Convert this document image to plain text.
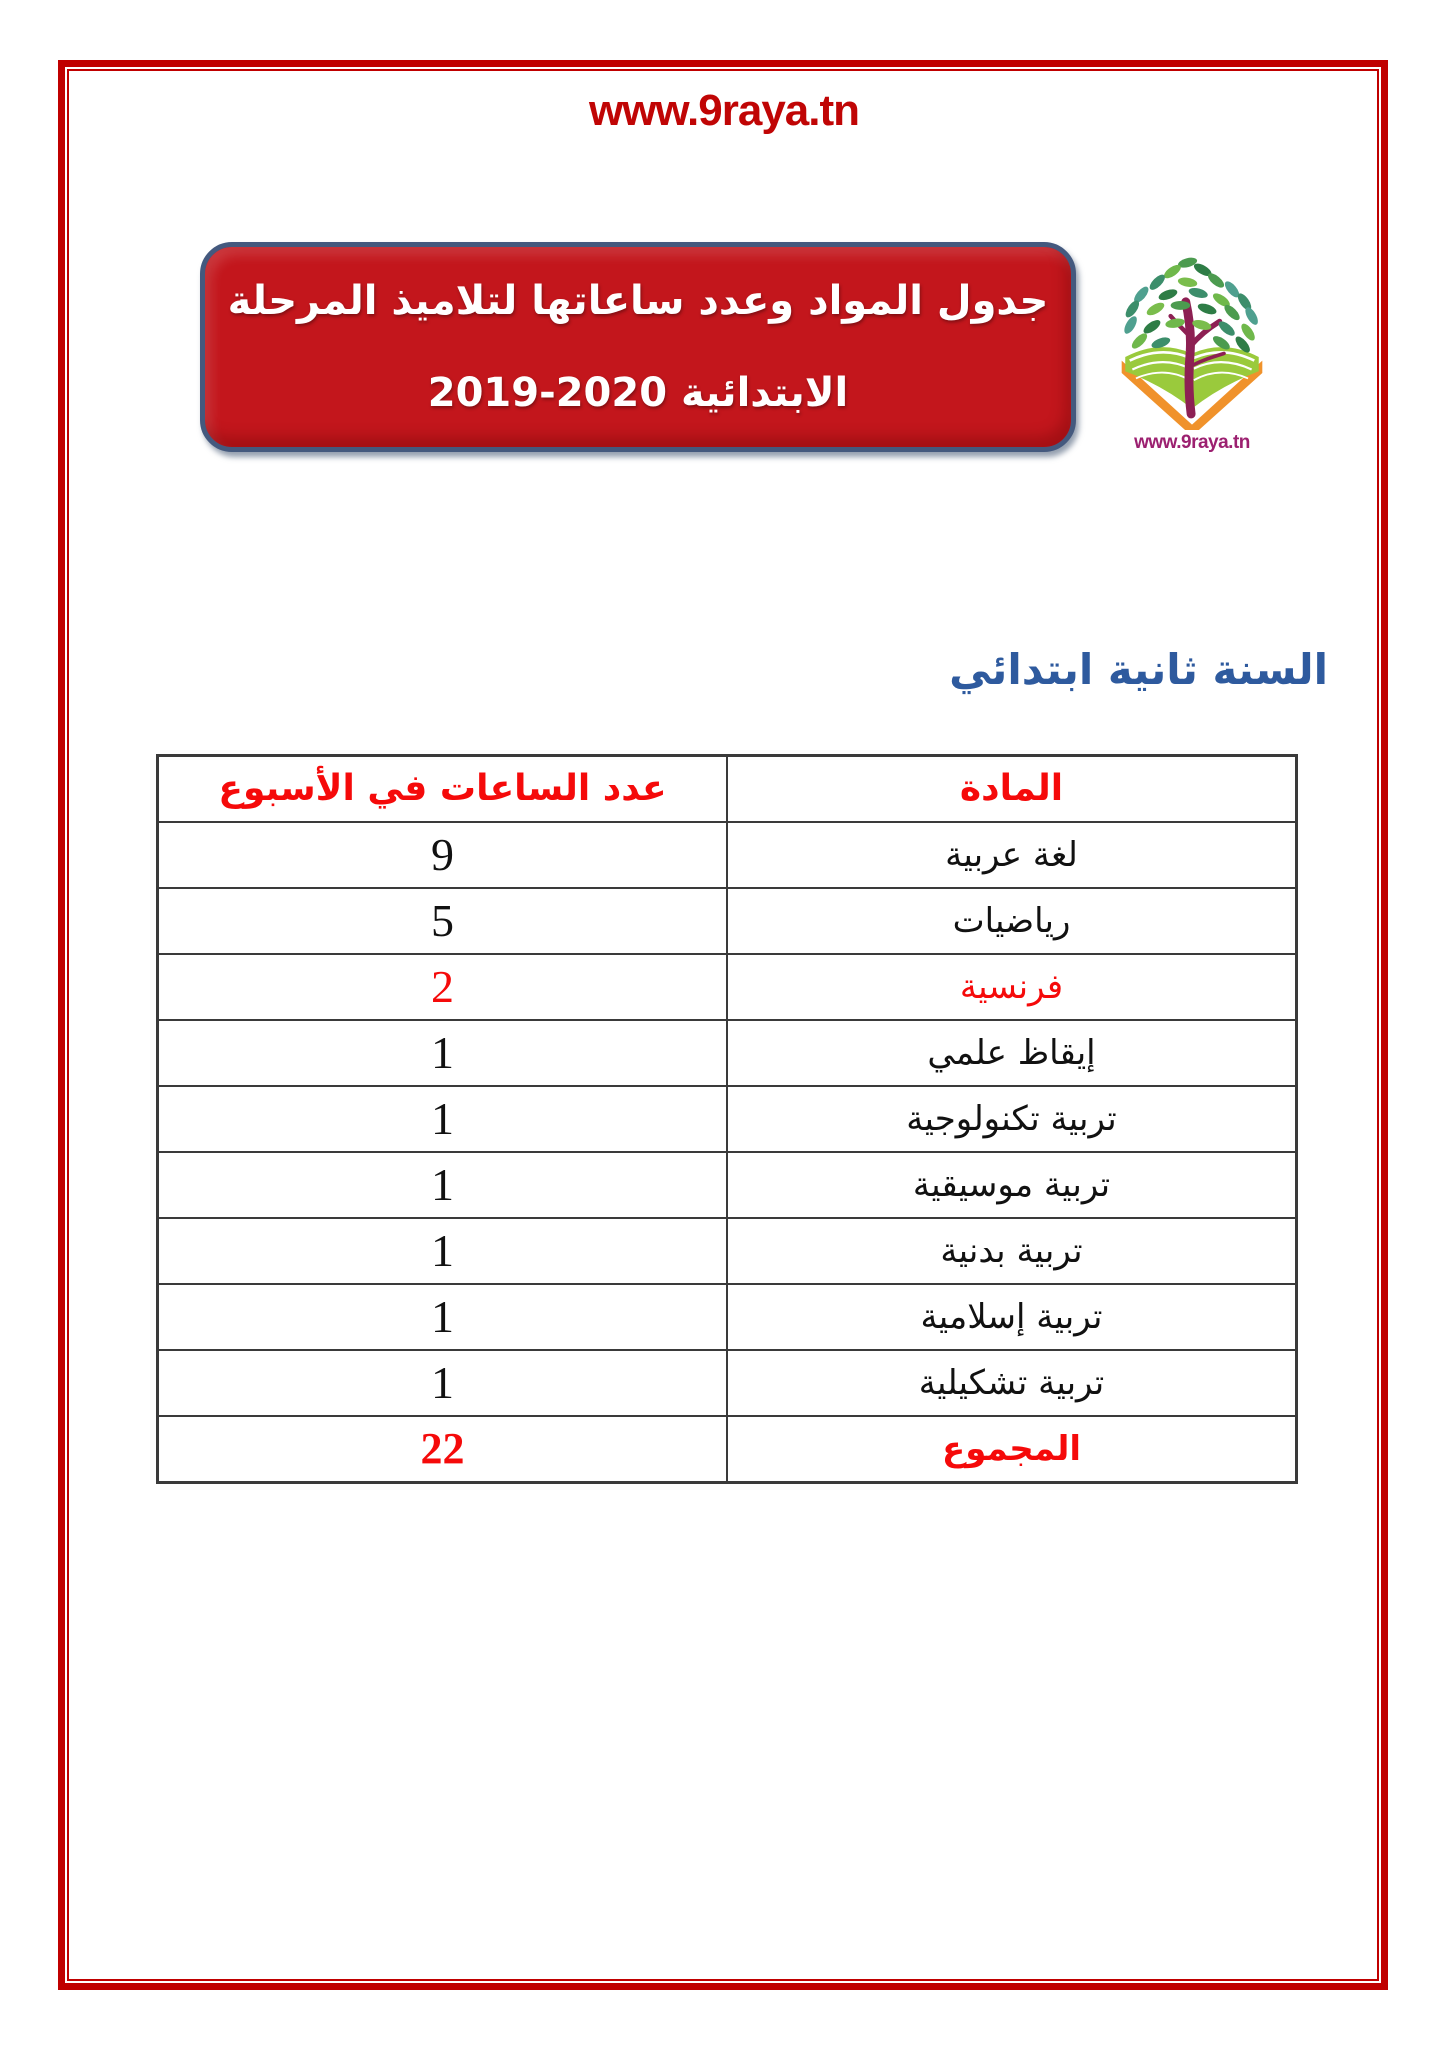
www.9raya.tn
جدول المواد وعدد ساعاتها لتلاميذ المرحلة
الابتدائية 2020-2019
www.9raya.tn
السنة ثانية ابتدائي
المادة	عدد الساعات في الأسبوع
لغة عربية	9
رياضيات	5
فرنسية	2
إيقاظ علمي	1
تربية تكنولوجية	1
تربية موسيقية	1
تربية بدنية	1
تربية إسلامية	1
تربية تشكيلية	1
المجموع	22
